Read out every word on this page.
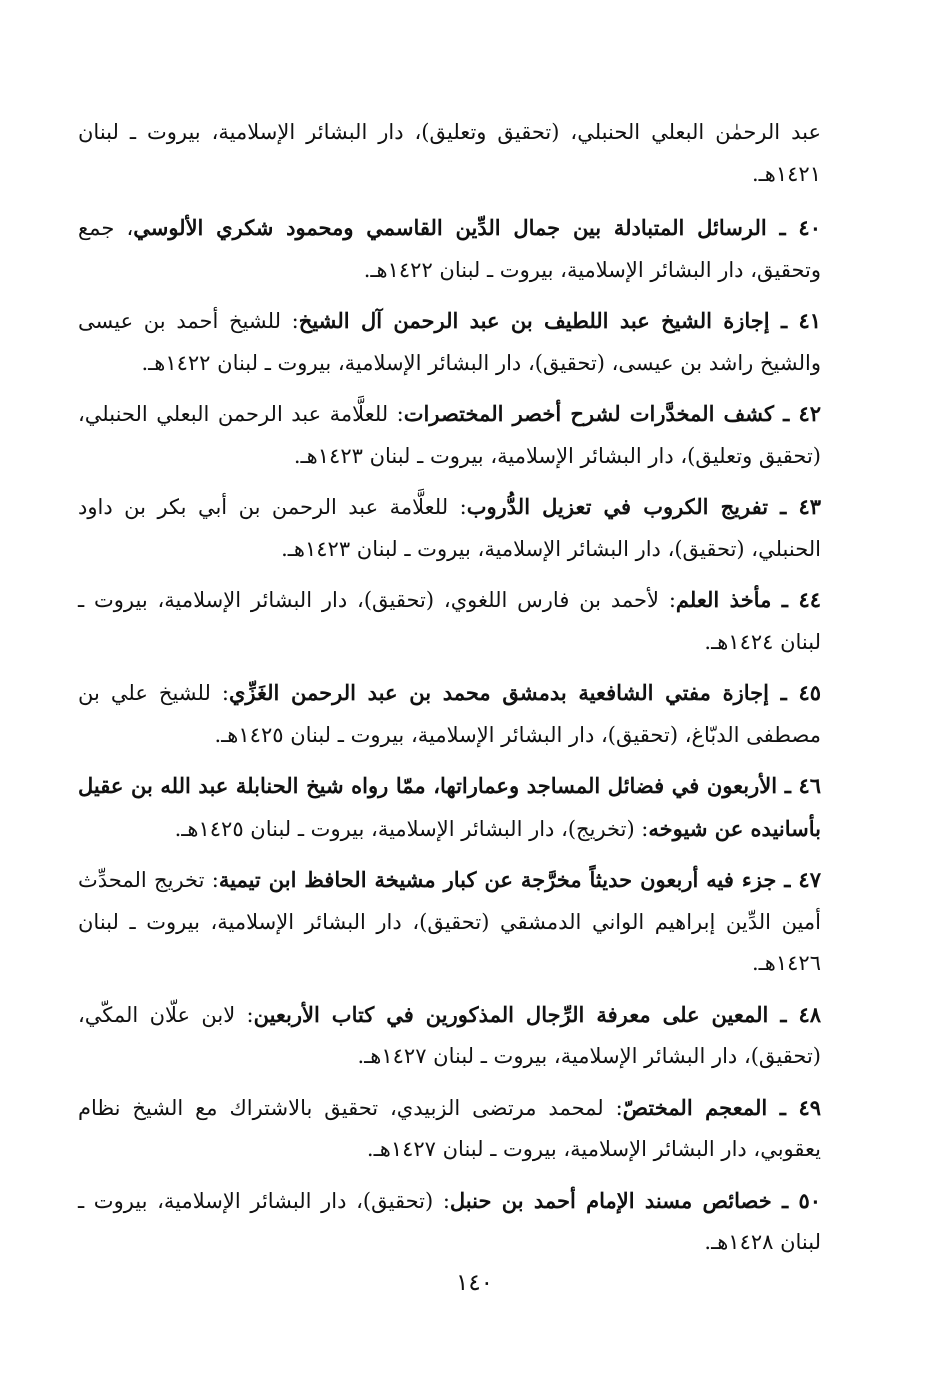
عبد الرحمٰن البعلي الحنبلي، (تحقيق وتعليق)، دار البشائر الإسلامية، بيروت ـ لبنان ١٤٢١هـ.

٤٠ ـ الرسائل المتبادلة بين جمال الدِّين القاسمي ومحمود شكري الألوسي، جمع وتحقيق، دار البشائر الإسلامية، بيروت ـ لبنان ١٤٢٢هـ.

٤١ ـ إجازة الشيخ عبد اللطيف بن عبد الرحمن آل الشيخ: للشيخ أحمد بن عيسى والشيخ راشد بن عيسى، (تحقيق)، دار البشائر الإسلامية، بيروت ـ لبنان ١٤٢٢هـ.

٤٢ ـ كشف المخدَّرات لشرح أخصر المختصرات: للعلَّامة عبد الرحمن البعلي الحنبلي، (تحقيق وتعليق)، دار البشائر الإسلامية، بيروت ـ لبنان ١٤٢٣هـ.

٤٣ ـ تفريج الكروب في تعزيل الدُّروب: للعلَّامة عبد الرحمن بن أبي بكر بن داود الحنبلي، (تحقيق)، دار البشائر الإسلامية، بيروت ـ لبنان ١٤٢٣هـ.

٤٤ ـ مأخذ العلم: لأحمد بن فارس اللغوي، (تحقيق)، دار البشائر الإسلامية، بيروت ـ لبنان ١٤٢٤هـ.

٤٥ ـ إجازة مفتي الشافعية بدمشق محمد بن عبد الرحمن الغَزِّي: للشيخ علي بن مصطفى الدبّاغ، (تحقيق)، دار البشائر الإسلامية، بيروت ـ لبنان ١٤٢٥هـ.

٤٦ ـ الأربعون في فضائل المساجد وعماراتها، ممّا رواه شيخ الحنابلة عبد الله بن عقيل بأسانيده عن شيوخه: (تخريج)، دار البشائر الإسلامية، بيروت ـ لبنان ١٤٢٥هـ.

٤٧ ـ جزء فيه أربعون حديثاً مخرَّجة عن كبار مشيخة الحافظ ابن تيمية: تخريج المحدِّث أمين الدِّين إبراهيم الواني الدمشقي (تحقيق)، دار البشائر الإسلامية، بيروت ـ لبنان ١٤٢٦هـ.

٤٨ ـ المعين على معرفة الرِّجال المذكورين في كتاب الأربعين: لابن علّان المكّي، (تحقيق)، دار البشائر الإسلامية، بيروت ـ لبنان ١٤٢٧هـ.

٤٩ ـ المعجم المختصّ: لمحمد مرتضى الزبيدي، تحقيق بالاشتراك مع الشيخ نظام يعقوبي، دار البشائر الإسلامية، بيروت ـ لبنان ١٤٢٧هـ.

٥٠ ـ خصائص مسند الإمام أحمد بن حنبل: (تحقيق)، دار البشائر الإسلامية، بيروت ـ لبنان ١٤٢٨هـ.

١٤٠
